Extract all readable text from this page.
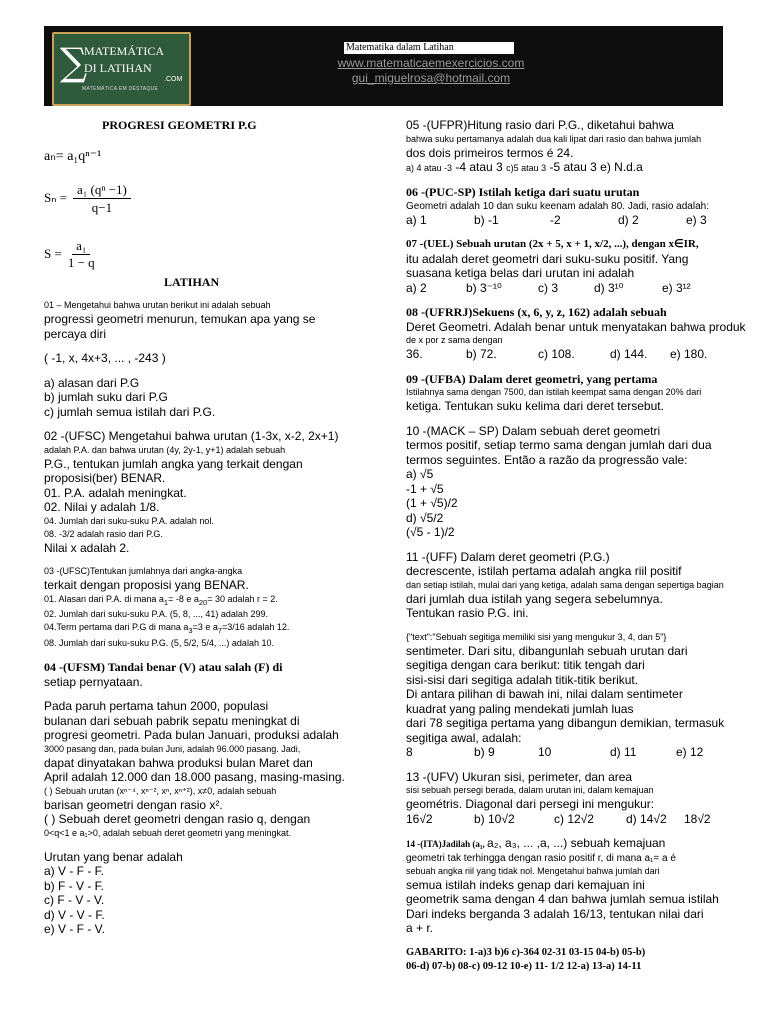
∑
MATEMÁTICA
DI LATIHAN
.COM
MATEMÁTICA EM DESTAQUE
Matematika dalam Latihan
www.matematicaemexercicios.com
gui_miguelrosa@hotmail.com

PROGRESI GEOMETRI P.G

aₙ= a₁qⁿ⁻¹

$S_n = \frac{\text{a₁ (qⁿ −1)}}{q-1}$
$S = \frac{\text{a₁}}{1 - q}$

LATIHAN

01 – Mengetahui bahwa urutan berikut ini adalah sebuah

progressi geometri menurun, temukan apa yang se

percaya diri

( -1, x, 4x+3, ... , -243 )

a) alasan dari P.G

b) jumlah suku dari P.G

c) jumlah semua istilah dari P.G.

02 -(UFSC) Mengetahui bahwa urutan (1-3x, x-2, 2x+1)

adalah P.A. dan bahwa urutan (4y, 2y-1, y+1) adalah sebuah

P.G., tentukan jumlah angka yang terkait dengan

proposisi(ber) BENAR.

01. P.A. adalah meningkat.

02. Nilai y adalah 1/8.

04. Jumlah dari suku-suku P.A. adalah nol.

08. -3/2 adalah rasio dari P.G.

Nilai x adalah 2.

03 -(UFSC)Tentukan jumlahnya dari angka-angka

terkait dengan proposisi yang BENAR.

01. Alasan dari P.A. di mana $a_1= -8$ e $a_{20}= 30$ adalah r = 2.

02. Jumlah dari suku-suku P.A. (5, 8, ..., 41) adalah 299.

04.Term pertama dari P.G di mana $a_3=3$ e $a_7=3/16$ adalah 12.

08. Jumlah dari suku-suku P.G. (5, 5/2, 5/4, ...) adalah 10.

04 -(UFSM) Tandai benar (V) atau salah (F) di

setiap pernyataan.

Pada paruh pertama tahun 2000, populasi

bulanan dari sebuah pabrik sepatu meningkat di

progresi geometri. Pada bulan Januari, produksi adalah

3000 pasang dan, pada bulan Juni, adalah 96.000 pasang. Jadi,

dapat dinyatakan bahwa produksi bulan Maret dan

April adalah 12.000 dan 18.000 pasang, masing-masing.

( ) Sebuah urutan (xⁿ⁻⁴, xⁿ⁻², xⁿ, xⁿ⁺²), x≠0, adalah sebuah

barisan geometri dengan rasio x².

( ) Sebuah deret geometri dengan rasio q, dengan

0<q<1 e a₁>0, adalah sebuah deret geometri yang meningkat.

Urutan yang benar adalah

a) V - F - F.

b) F - V - F.

c) F - V - V.

d) V - V - F.

e) V - F - V.

05 -(UFPR)Hitung rasio dari P.G., diketahui bahwa

bahwa suku pertamanya adalah dua kali lipat dari rasio dan bahwa jumlah

dos dois primeiros termos é 24.

a) 4 atau -3 -4 atau 3 c)5 atau 3 -5 atau 3 e) N.d.a

06 -(PUC-SP) Istilah ketiga dari suatu urutan

Geometri adalah 10 dan suku keenam adalah 80. Jadi, rasio adalah:

a) 1	b) -1	-2	d) 2	e) 3

07 -(UEL) Sebuah urutan (2x + 5, x + 1, x/2, ...), dengan x∈IR,

itu adalah deret geometri dari suku-suku positif. Yang

suasana ketiga belas dari urutan ini adalah

a) 2	b) 3⁻¹⁰	c) 3	d) 3¹⁰	e) 3¹²

08 -(UFRRJ)Sekuens (x, 6, y, z, 162) adalah sebuah

Deret Geometri. Adalah benar untuk menyatakan bahwa produk

de x por z sama dengan

36.	b) 72.	c) 108.	d) 144.	e) 180.

09 -(UFBA) Dalam deret geometri, yang pertama

Istilahnya sama dengan 7500, dan istilah keempat sama dengan 20% dari

ketiga. Tentukan suku kelima dari deret tersebut.

10 -(MACK – SP) Dalam sebuah deret geometri

termos positif, setiap termo sama dengan jumlah dari dua

termos seguintes. Então a razão da progressão vale:

a) √5

-1 + √5

(1 + √5)/2

d) √5/2

(√5 - 1)/2

11 -(UFF) Dalam deret geometri (P.G.)

decrescente, istilah pertama adalah angka riil positif

dan setiap istilah, mulai dari yang ketiga, adalah sama dengan sepertiga bagian

dari jumlah dua istilah yang segera sebelumnya.

Tentukan rasio P.G. ini.

{"text":"Sebuah segitiga memiliki sisi yang mengukur 3, 4, dan 5"}

sentimeter. Dari situ, dibangunlah sebuah urutan dari

segitiga dengan cara berikut: titik tengah dari

sisi-sisi dari segitiga adalah titik-titik berikut.

Di antara pilihan di bawah ini, nilai dalam sentimeter

kuadrat yang paling mendekati jumlah luas

dari 78 segitiga pertama yang dibangun demikian, termasuk

segitiga awal, adalah:

8	b) 9	10	d) 11	e) 12

13 -(UFV) Ukuran sisi, perimeter, dan area

sisi sebuah persegi berada, dalam urutan ini, dalam kemajuan

geométris. Diagonal dari persegi ini mengukur:

16√2	b) 10√2	c) 12√2	d) 14√2	18√2

14 -(ITA)Jadilah (a₁, a₂, a₃, ... ,a, ...) sebuah kemajuan

geometri tak terhingga dengan rasio positif r, di mana a₁= a é

sebuah angka riil yang tidak nol. Mengetahui bahwa jumlah dari

semua istilah indeks genap dari kemajuan ini

geometrik sama dengan 4 dan bahwa jumlah semua istilah

Dari indeks berganda 3 adalah 16/13, tentukan nilai dari

a + r.

GABARITO: 1-a)3 b)6 c)-364 02-31 03-15 04-b) 05-b)

06-d) 07-b) 08-c) 09-12 10-e) 11- 1/2 12-a) 13-a) 14-11
